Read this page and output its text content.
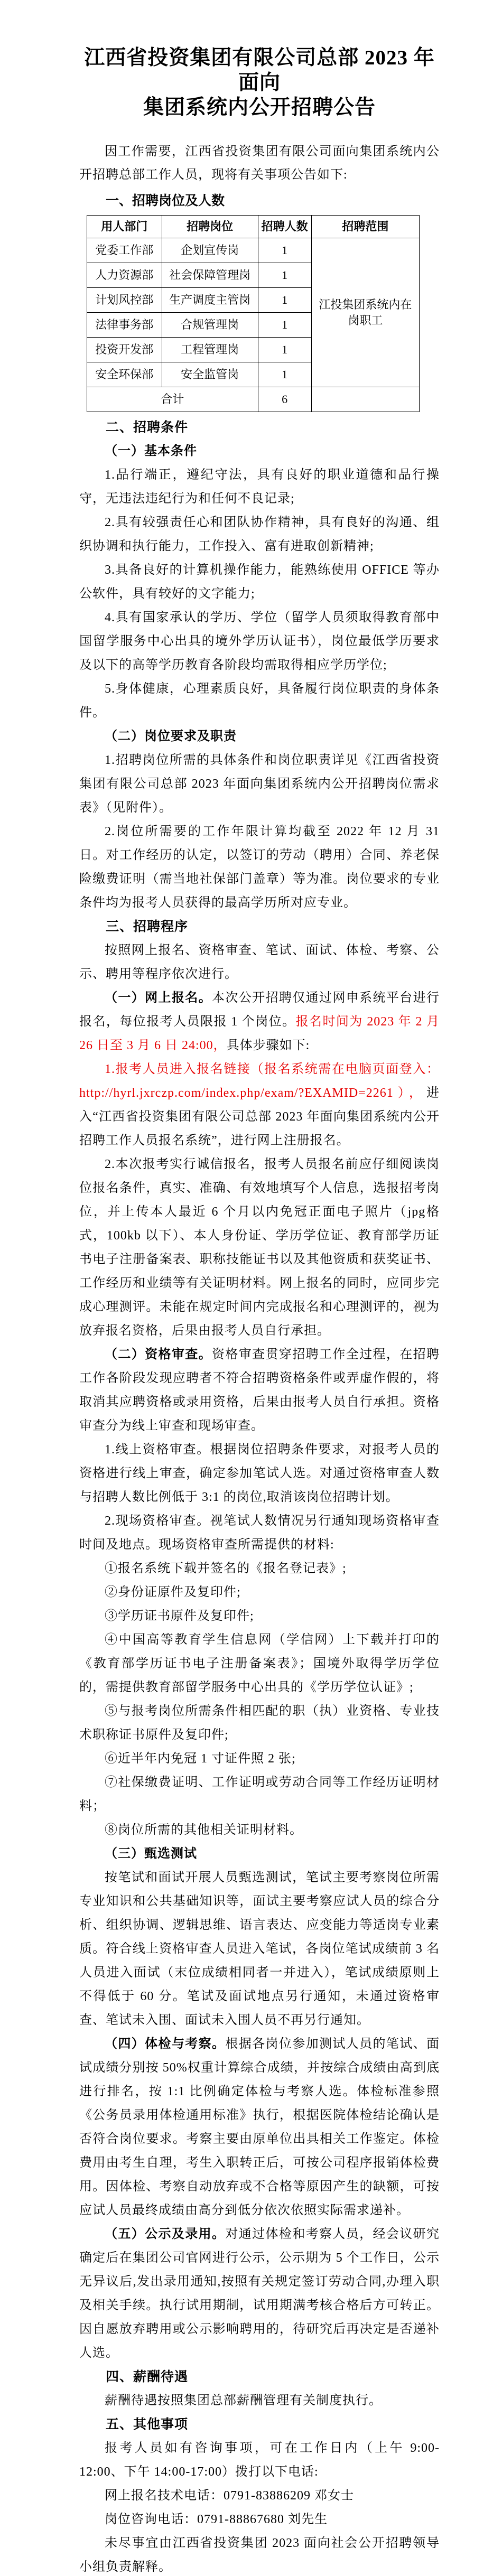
江西省投资集团有限公司总部 2023 年面向
集团系统内公开招聘公告

因工作需要，江西省投资集团有限公司面向集团系统内公开招聘总部工作人员，现将有关事项公告如下:

一、招聘岗位及人数

用人部门	招聘岗位	招聘人数	招聘范围
党委工作部	企划宣传岗	1	江投集团系统内在岗职工
人力资源部	社会保障管理岗	1	
计划风控部	生产调度主管岗	1	
法律事务部	合规管理岗	1	
投资开发部	工程管理岗	1	
安全环保部	安全监管岗	1	
合计		6	

二、招聘条件

（一）基本条件

1.品行端正，遵纪守法，具有良好的职业道德和品行操守，无违法违纪行为和任何不良记录;

2.具有较强责任心和团队协作精神，具有良好的沟通、组织协调和执行能力，工作投入、富有进取创新精神;

3.具备良好的计算机操作能力，能熟练使用 OFFICE 等办公软件，具有较好的文字能力;

4.具有国家承认的学历、学位（留学人员须取得教育部中国留学服务中心出具的境外学历认证书），岗位最低学历要求及以下的高等学历教育各阶段均需取得相应学历学位;

5.身体健康，心理素质良好，具备履行岗位职责的身体条件。

（二）岗位要求及职责

1.招聘岗位所需的具体条件和岗位职责详见《江西省投资集团有限公司总部 2023 年面向集团系统内公开招聘岗位需求表》（见附件）。

2.岗位所需要的工作年限计算均截至 2022 年 12 月 31 日。对工作经历的认定，以签订的劳动（聘用）合同、养老保险缴费证明（需当地社保部门盖章）等为准。岗位要求的专业条件均为报考人员获得的最高学历所对应专业。

三、招聘程序

按照网上报名、资格审查、笔试、面试、体检、考察、公示、聘用等程序依次进行。

（一）网上报名。本次公开招聘仅通过网申系统平台进行报名，每位报考人员限报 1 个岗位。报名时间为 2023 年 2 月 26 日至 3 月 6 日 24:00，具体步骤如下:

1.报考人员进入报名链接（报名系统需在电脑页面登入：http://hyrl.jxrczp.com/index.php/exam/?EXAMID=2261），进入“江西省投资集团有限公司总部 2023 年面向集团系统内公开招聘工作人员报名系统”，进行网上注册报名。

2.本次报考实行诚信报名，报考人员报名前应仔细阅读岗位报名条件，真实、准确、有效地填写个人信息，选报招考岗位，并上传本人最近 6 个月以内免冠正面电子照片（jpg格式，100kb 以下）、本人身份证、学历学位证、教育部学历证书电子注册备案表、职称技能证书以及其他资质和获奖证书、工作经历和业绩等有关证明材料。网上报名的同时，应同步完成心理测评。未能在规定时间内完成报名和心理测评的，视为放弃报名资格，后果由报考人员自行承担。

（二）资格审查。资格审查贯穿招聘工作全过程，在招聘工作各阶段发现应聘者不符合招聘资格条件或弄虚作假的，将取消其应聘资格或录用资格，后果由报考人员自行承担。资格审查分为线上审查和现场审查。

1.线上资格审查。根据岗位招聘条件要求，对报考人员的资格进行线上审查，确定参加笔试人选。对通过资格审查人数与招聘人数比例低于 3:1 的岗位,取消该岗位招聘计划。

2.现场资格审查。视笔试人数情况另行通知现场资格审查时间及地点。现场资格审查所需提供的材料:

①报名系统下载并签名的《报名登记表》;

②身份证原件及复印件;

③学历证书原件及复印件;

④中国高等教育学生信息网（学信网）上下载并打印的《教育部学历证书电子注册备案表》；国境外取得学历学位的，需提供教育部留学服务中心出具的《学历学位认证》;

⑤与报考岗位所需条件相匹配的职（执）业资格、专业技术职称证书原件及复印件;

⑥近半年内免冠 1 寸证件照 2 张;

⑦社保缴费证明、工作证明或劳动合同等工作经历证明材料；

⑧岗位所需的其他相关证明材料。

（三）甄选测试

按笔试和面试开展人员甄选测试，笔试主要考察岗位所需专业知识和公共基础知识等，面试主要考察应试人员的综合分析、组织协调、逻辑思维、语言表达、应变能力等适岗专业素质。符合线上资格审查人员进入笔试，各岗位笔试成绩前 3 名人员进入面试（末位成绩相同者一并进入），笔试成绩原则上不得低于 60 分。笔试及面试地点另行通知，未通过资格审查、笔试未入围、面试未入围人员不再另行通知。

（四）体检与考察。根据各岗位参加测试人员的笔试、面试成绩分别按 50%权重计算综合成绩，并按综合成绩由高到底进行排名，按 1:1 比例确定体检与考察人选。体检标准参照《公务员录用体检通用标准》执行，根据医院体检结论确认是否符合岗位要求。考察主要由原单位出具相关工作鉴定。体检费用由考生自理，考生入职转正后，可按公司程序报销体检费用。因体检、考察自动放弃或不合格等原因产生的缺额，可按应试人员最终成绩由高分到低分依次依照实际需求递补。

（五）公示及录用。对通过体检和考察人员，经会议研究确定后在集团公司官网进行公示，公示期为 5 个工作日，公示无异议后,发出录用通知,按照有关规定签订劳动合同,办理入职及相关手续。执行试用期制，试用期满考核合格后方可转正。因自愿放弃聘用或公示影响聘用的，待研究后再决定是否递补人选。

四、薪酬待遇

薪酬待遇按照集团总部薪酬管理有关制度执行。

五、其他事项

报考人员如有咨询事项，可在工作日内（上午 9:00-12:00、下午 14:00-17:00）拨打以下电话:

网上报名技术电话：0791-83886209 邓女士

岗位咨询电话：0791-88867680 刘先生

未尽事宜由江西省投资集团 2023 面向社会公开招聘领导小组负责解释。
